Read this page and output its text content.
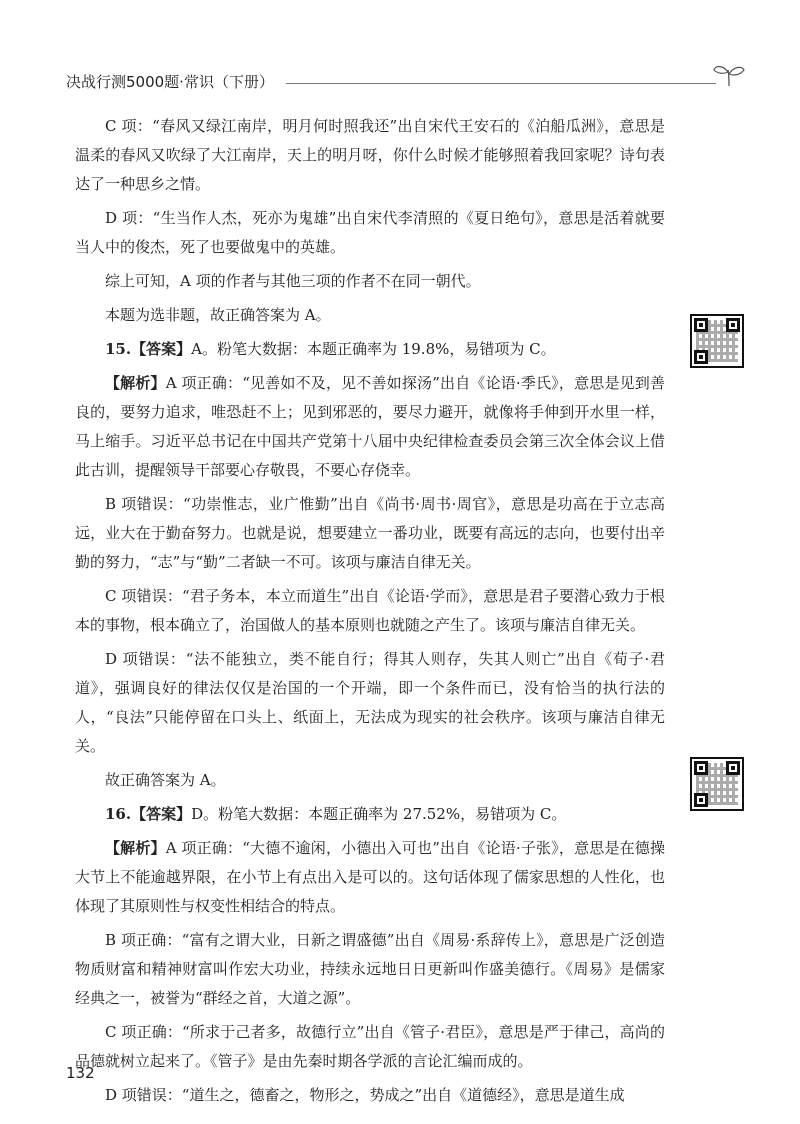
决战行测5000题·常识（下册）

C 项：“春风又绿江南岸，明月何时照我还”出自宋代王安石的《泊船瓜洲》，意思是温柔的春风又吹绿了大江南岸，天上的明月呀，你什么时候才能够照着我回家呢？诗句表达了一种思乡之情。

D 项：“生当作人杰，死亦为鬼雄”出自宋代李清照的《夏日绝句》，意思是活着就要当人中的俊杰，死了也要做鬼中的英雄。

综上可知，A 项的作者与其他三项的作者不在同一朝代。

本题为选非题，故正确答案为 A。

15.【答案】A。粉笔大数据：本题正确率为 19.8%，易错项为 C。

【解析】A 项正确：“见善如不及，见不善如探汤”出自《论语·季氏》，意思是见到善良的，要努力追求，唯恐赶不上；见到邪恶的，要尽力避开，就像将手伸到开水里一样，马上缩手。习近平总书记在中国共产党第十八届中央纪律检查委员会第三次全体会议上借此古训，提醒领导干部要心存敬畏，不要心存侥幸。

B 项错误：“功崇惟志，业广惟勤”出自《尚书·周书·周官》，意思是功高在于立志高远，业大在于勤奋努力。也就是说，想要建立一番功业，既要有高远的志向，也要付出辛勤的努力，“志”与“勤”二者缺一不可。该项与廉洁自律无关。

C 项错误：“君子务本，本立而道生”出自《论语·学而》，意思是君子要潜心致力于根本的事物，根本确立了，治国做人的基本原则也就随之产生了。该项与廉洁自律无关。

D 项错误：“法不能独立，类不能自行；得其人则存，失其人则亡”出自《荀子·君道》，强调良好的律法仅仅是治国的一个开端，即一个条件而已，没有恰当的执行法的人，“良法”只能停留在口头上、纸面上，无法成为现实的社会秩序。该项与廉洁自律无关。

故正确答案为 A。

16.【答案】D。粉笔大数据：本题正确率为 27.52%，易错项为 C。

【解析】A 项正确：“大德不逾闲，小德出入可也”出自《论语·子张》，意思是在德操大节上不能逾越界限，在小节上有点出入是可以的。这句话体现了儒家思想的人性化，也体现了其原则性与权变性相结合的特点。

B 项正确：“富有之谓大业，日新之谓盛德”出自《周易·系辞传上》，意思是广泛创造物质财富和精神财富叫作宏大功业，持续永远地日日更新叫作盛美德行。《周易》是儒家经典之一，被誉为“群经之首，大道之源”。

C 项正确：“所求于己者多，故德行立”出自《管子·君臣》，意思是严于律己，高尚的品德就树立起来了。《管子》是由先秦时期各学派的言论汇编而成的。

D 项错误：“道生之，德畜之，物形之，势成之”出自《道德经》，意思是道生成

132
